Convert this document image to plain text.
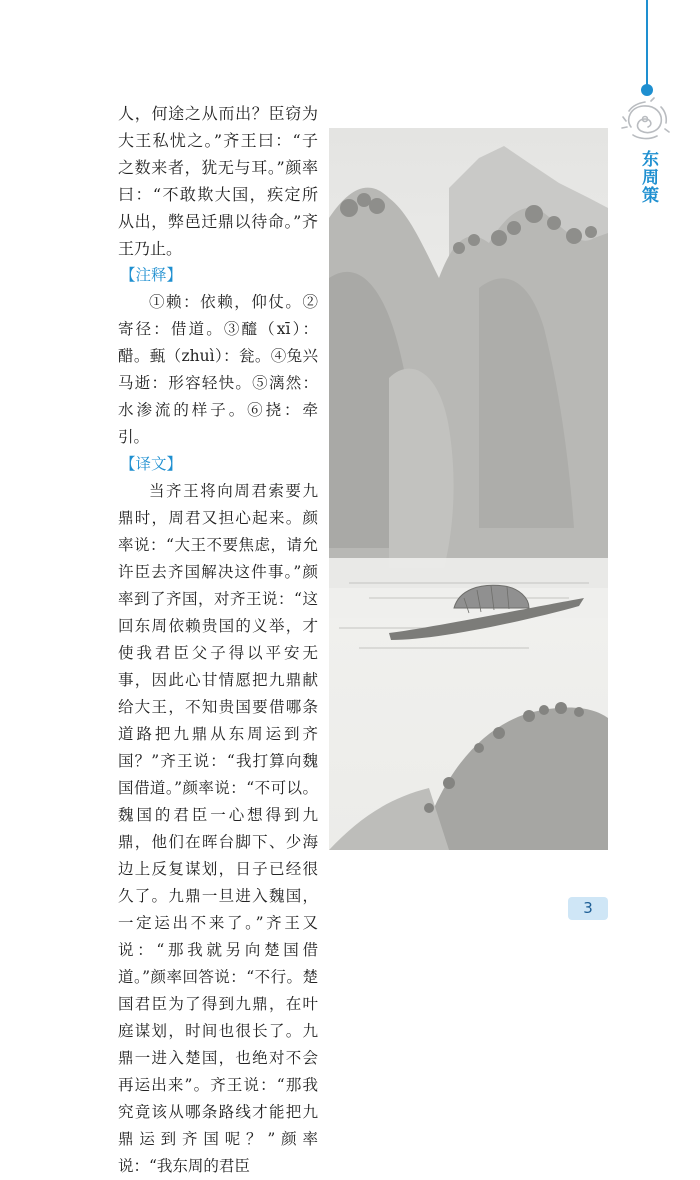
东周策

人，何途之从而出？臣窃为大王私忧之。”齐王曰：“子之数来者，犹无与耳。”颜率曰：“不敢欺大国，疾定所从出，弊邑迁鼎以待命。”齐王乃止。

【注释】

①赖：依赖，仰仗。②寄径：借道。③醯（xī）：醋。甀（zhuì）：瓮。④兔兴马逝：形容轻快。⑤漓然：水渗流的样子。⑥挠：牵引。

【译文】

当齐王将向周君索要九鼎时，周君又担心起来。颜率说：“大王不要焦虑，请允许臣去齐国解决这件事。”颜率到了齐国，对齐王说：“这回东周依赖贵国的义举，才使我君臣父子得以平安无事，因此心甘情愿把九鼎献给大王，不知贵国要借哪条道路把九鼎从东周运到齐国？”齐王说：“我打算向魏国借道。”颜率说：“不可以。魏国的君臣一心想得到九鼎，他们在晖台脚下、少海边上反复谋划，日子已经很久了。九鼎一旦进入魏国，一定运出不来了。”齐王又说：“那我就另向楚国借道。”颜率回答说：“不行。楚国君臣为了得到九鼎，在叶庭谋划，时间也很长了。九鼎一进入楚国，也绝对不会再运出来”。齐王说：“那我究竟该从哪条路线才能把九鼎运到齐国呢？”颜率说：“我东周的君臣

3
